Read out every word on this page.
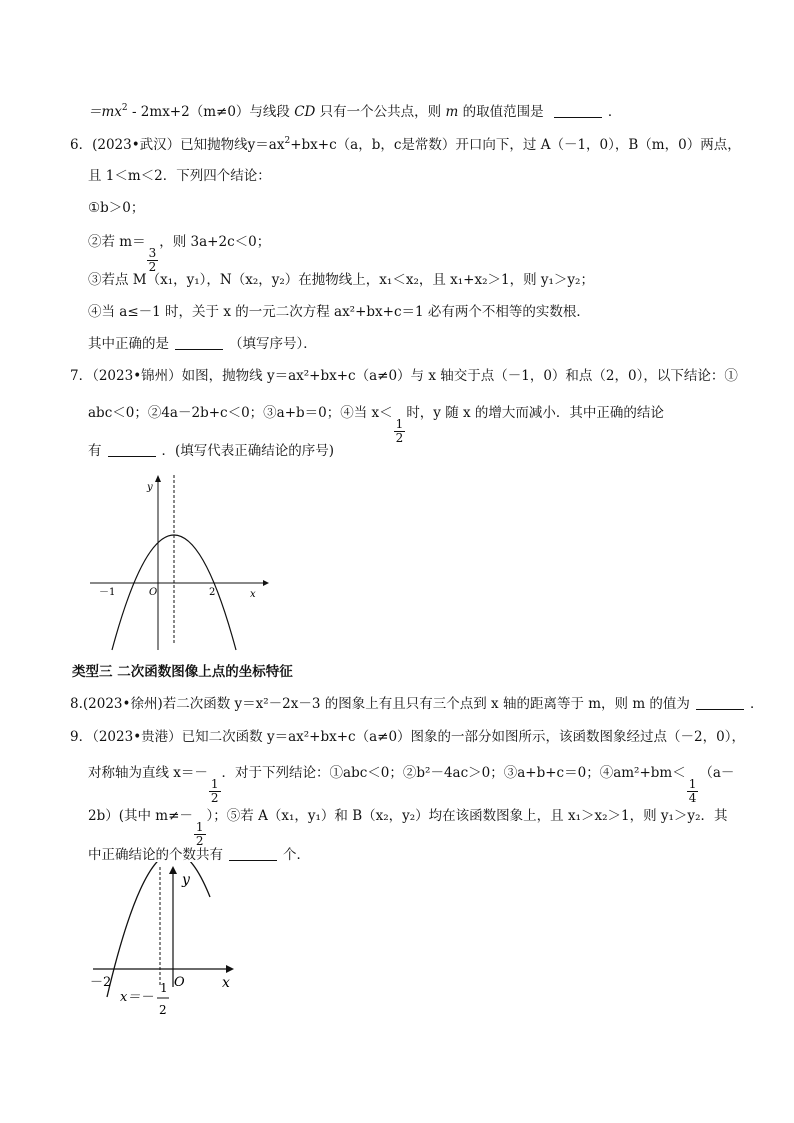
$=mx^2 - 2mx+2(m\ne 0)$与线段 CD 只有一个公共点，则 m 的取值范围是	．
6．(2023•武汉）已知抛物线$y=ax^2+bx+c(a$，b，c是常数）开口向下，过 A（－1，0），B（m，0）两点，
且 1＜m＜2．下列四个结论：
①b＞0；
②若 m＝
$\frac{3}{2}$
，则 3a+2c＜0；
③若点 M（x₁，y₁），N（x₂，y₂）在抛物线上，x₁＜x₂，且 x₁+x₂＞1，则 y₁＞y₂；
④当 a≤－1 时，关于 x 的一元二次方程 ax²+bx+c＝1 必有两个不相等的实数根．
其中正确的是	（填写序号）．
7．（2023•锦州）如图，抛物线 y＝ax²+bx+c（a≠0）与 x 轴交于点（－1，0）和点（2，0），以下结论：①
abc＜0；②4a－2b+c＜0；③a+b＝0；④当 x＜
$\frac{1}{2}$
时，y 随 x 的增大而减小．其中正确的结论
有	．(填写代表正确结论的序号)
y
x
O
－1	2
类型三 二次函数图像上点的坐标特征
8.(2023•徐州)若二次函数 y＝x²－2x－3 的图象上有且只有三个点到 x 轴的距离等于 m，则 m 的值为	．
9．（2023•贵港）已知二次函数 y＝ax²+bx+c（a≠0）图象的一部分如图所示，该函数图象经过点（－2，0），
对称轴为直线 x＝－
$\frac{1}{2}$
．对于下列结论：①abc＜0；②b²－4ac＞0；③a+b+c＝0；④am²+bm＜
$\frac{1}{4}$
（a－
2b）(其中 m≠－
$\frac{1}{2}$
）；⑤若 A（x₁，y₁）和 B（x₂，y₂）均在该函数图象上，且 x₁＞x₂＞1，则 y₁＞y₂．其
中正确结论的个数共有	个．
y
x
O
－2
x＝－
1
2
